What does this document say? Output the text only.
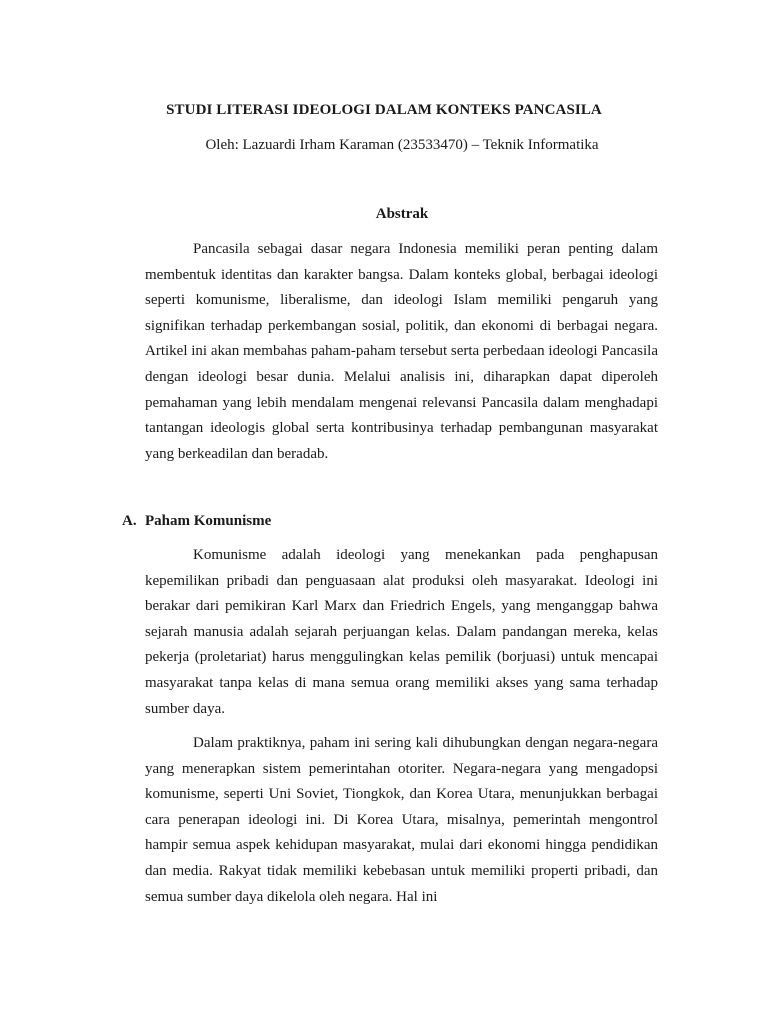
STUDI LITERASI IDEOLOGI DALAM KONTEKS PANCASILA
Oleh: Lazuardi Irham Karaman (23533470) – Teknik Informatika
Abstrak

Pancasila sebagai dasar negara Indonesia memiliki peran penting dalam membentuk identitas dan karakter bangsa. Dalam konteks global, berbagai ideologi seperti komunisme, liberalisme, dan ideologi Islam memiliki pengaruh yang signifikan terhadap perkembangan sosial, politik, dan ekonomi di berbagai negara. Artikel ini akan membahas paham-paham tersebut serta perbedaan ideologi Pancasila dengan ideologi besar dunia. Melalui analisis ini, diharapkan dapat diperoleh pemahaman yang lebih mendalam mengenai relevansi Pancasila dalam menghadapi tantangan ideologis global serta kontribusinya terhadap pembangunan masyarakat yang berkeadilan dan beradab.

A. Paham Komunisme

Komunisme adalah ideologi yang menekankan pada penghapusan kepemilikan pribadi dan penguasaan alat produksi oleh masyarakat. Ideologi ini berakar dari pemikiran Karl Marx dan Friedrich Engels, yang menganggap bahwa sejarah manusia adalah sejarah perjuangan kelas. Dalam pandangan mereka, kelas pekerja (proletariat) harus menggulingkan kelas pemilik (borjuasi) untuk mencapai masyarakat tanpa kelas di mana semua orang memiliki akses yang sama terhadap sumber daya.

Dalam praktiknya, paham ini sering kali dihubungkan dengan negara-negara yang menerapkan sistem pemerintahan otoriter. Negara-negara yang mengadopsi komunisme, seperti Uni Soviet, Tiongkok, dan Korea Utara, menunjukkan berbagai cara penerapan ideologi ini. Di Korea Utara, misalnya, pemerintah mengontrol hampir semua aspek kehidupan masyarakat, mulai dari ekonomi hingga pendidikan dan media. Rakyat tidak memiliki kebebasan untuk memiliki properti pribadi, dan semua sumber daya dikelola oleh negara. Hal ini
